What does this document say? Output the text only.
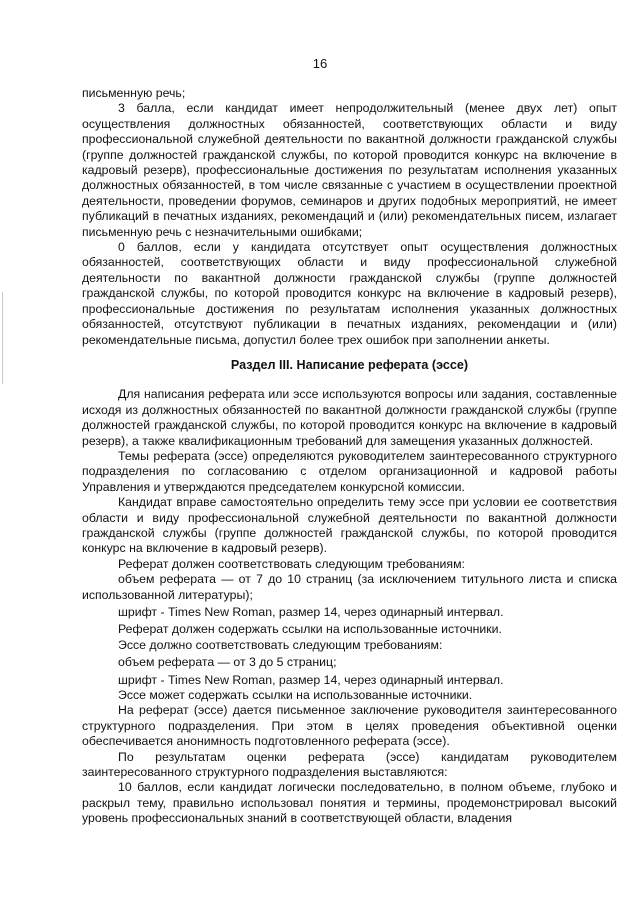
16

письменную речь;

3 балла, если кандидат имеет непродолжительный (менее двух лет) опыт осуществления должностных обязанностей, соответствующих области и виду профессиональной служебной деятельности по вакантной должности гражданской службы (группе должностей гражданской службы, по которой проводится конкурс на включение в кадровый резерв), профессиональные достижения по результатам исполнения указанных должностных обязанностей, в том числе связанные с участием в осуществлении проектной деятельности, проведении форумов, семинаров и других подобных мероприятий, не имеет публикаций в печатных изданиях, рекомендаций и (или) рекомендательных писем, излагает письменную речь с незначительными ошибками;

0 баллов, если у кандидата отсутствует опыт осуществления должностных обязанностей, соответствующих области и виду профессиональной служебной деятельности по вакантной должности гражданской службы (группе должностей гражданской службы, по которой проводится конкурс на включение в кадровый резерв), профессиональные достижения по результатам исполнения указанных должностных обязанностей, отсутствуют публикации в печатных изданиях, рекомендации и (или) рекомендательные письма, допустил более трех ошибок при заполнении анкеты.

Раздел III. Написание реферата (эссе)

Для написания реферата или эссе используются вопросы или задания, составленные исходя из должностных обязанностей по вакантной должности гражданской службы (группе должностей гражданской службы, по которой проводится конкурс на включение в кадровый резерв), а также квалификационным требований для замещения указанных должностей.

Темы реферата (эссе) определяются руководителем заинтересованного структурного подразделения по согласованию с отделом организационной и кадровой работы Управления и утверждаются председателем конкурсной комиссии.

Кандидат вправе самостоятельно определить тему эссе при условии ее соответствия области и виду профессиональной служебной деятельности по вакантной должности гражданской службы (группе должностей гражданской службы, по которой проводится конкурс на включение в кадровый резерв).

Реферат должен соответствовать следующим требованиям:

объем реферата — от 7 до 10 страниц (за исключением титульного листа и списка использованной литературы);

шрифт - Times New Roman, размер 14, через одинарный интервал.

Реферат должен содержать ссылки на использованные источники.

Эссе должно соответствовать следующим требованиям:

объем реферата — от 3 до 5 страниц;

шрифт - Times New Roman, размер 14, через одинарный интервал.

Эссе может содержать ссылки на использованные источники.

На реферат (эссе) дается письменное заключение руководителя заинтересованного структурного подразделения. При этом в целях проведения объективной оценки обеспечивается анонимность подготовленного реферата (эссе).

По результатам оценки реферата (эссе) кандидатам руководителем заинтересованного структурного подразделения выставляются:

10 баллов, если кандидат логически последовательно, в полном объеме, глубоко и раскрыл тему, правильно использовал понятия и термины, продемонстрировал высокий уровень профессиональных знаний в соответствующей области, владения
